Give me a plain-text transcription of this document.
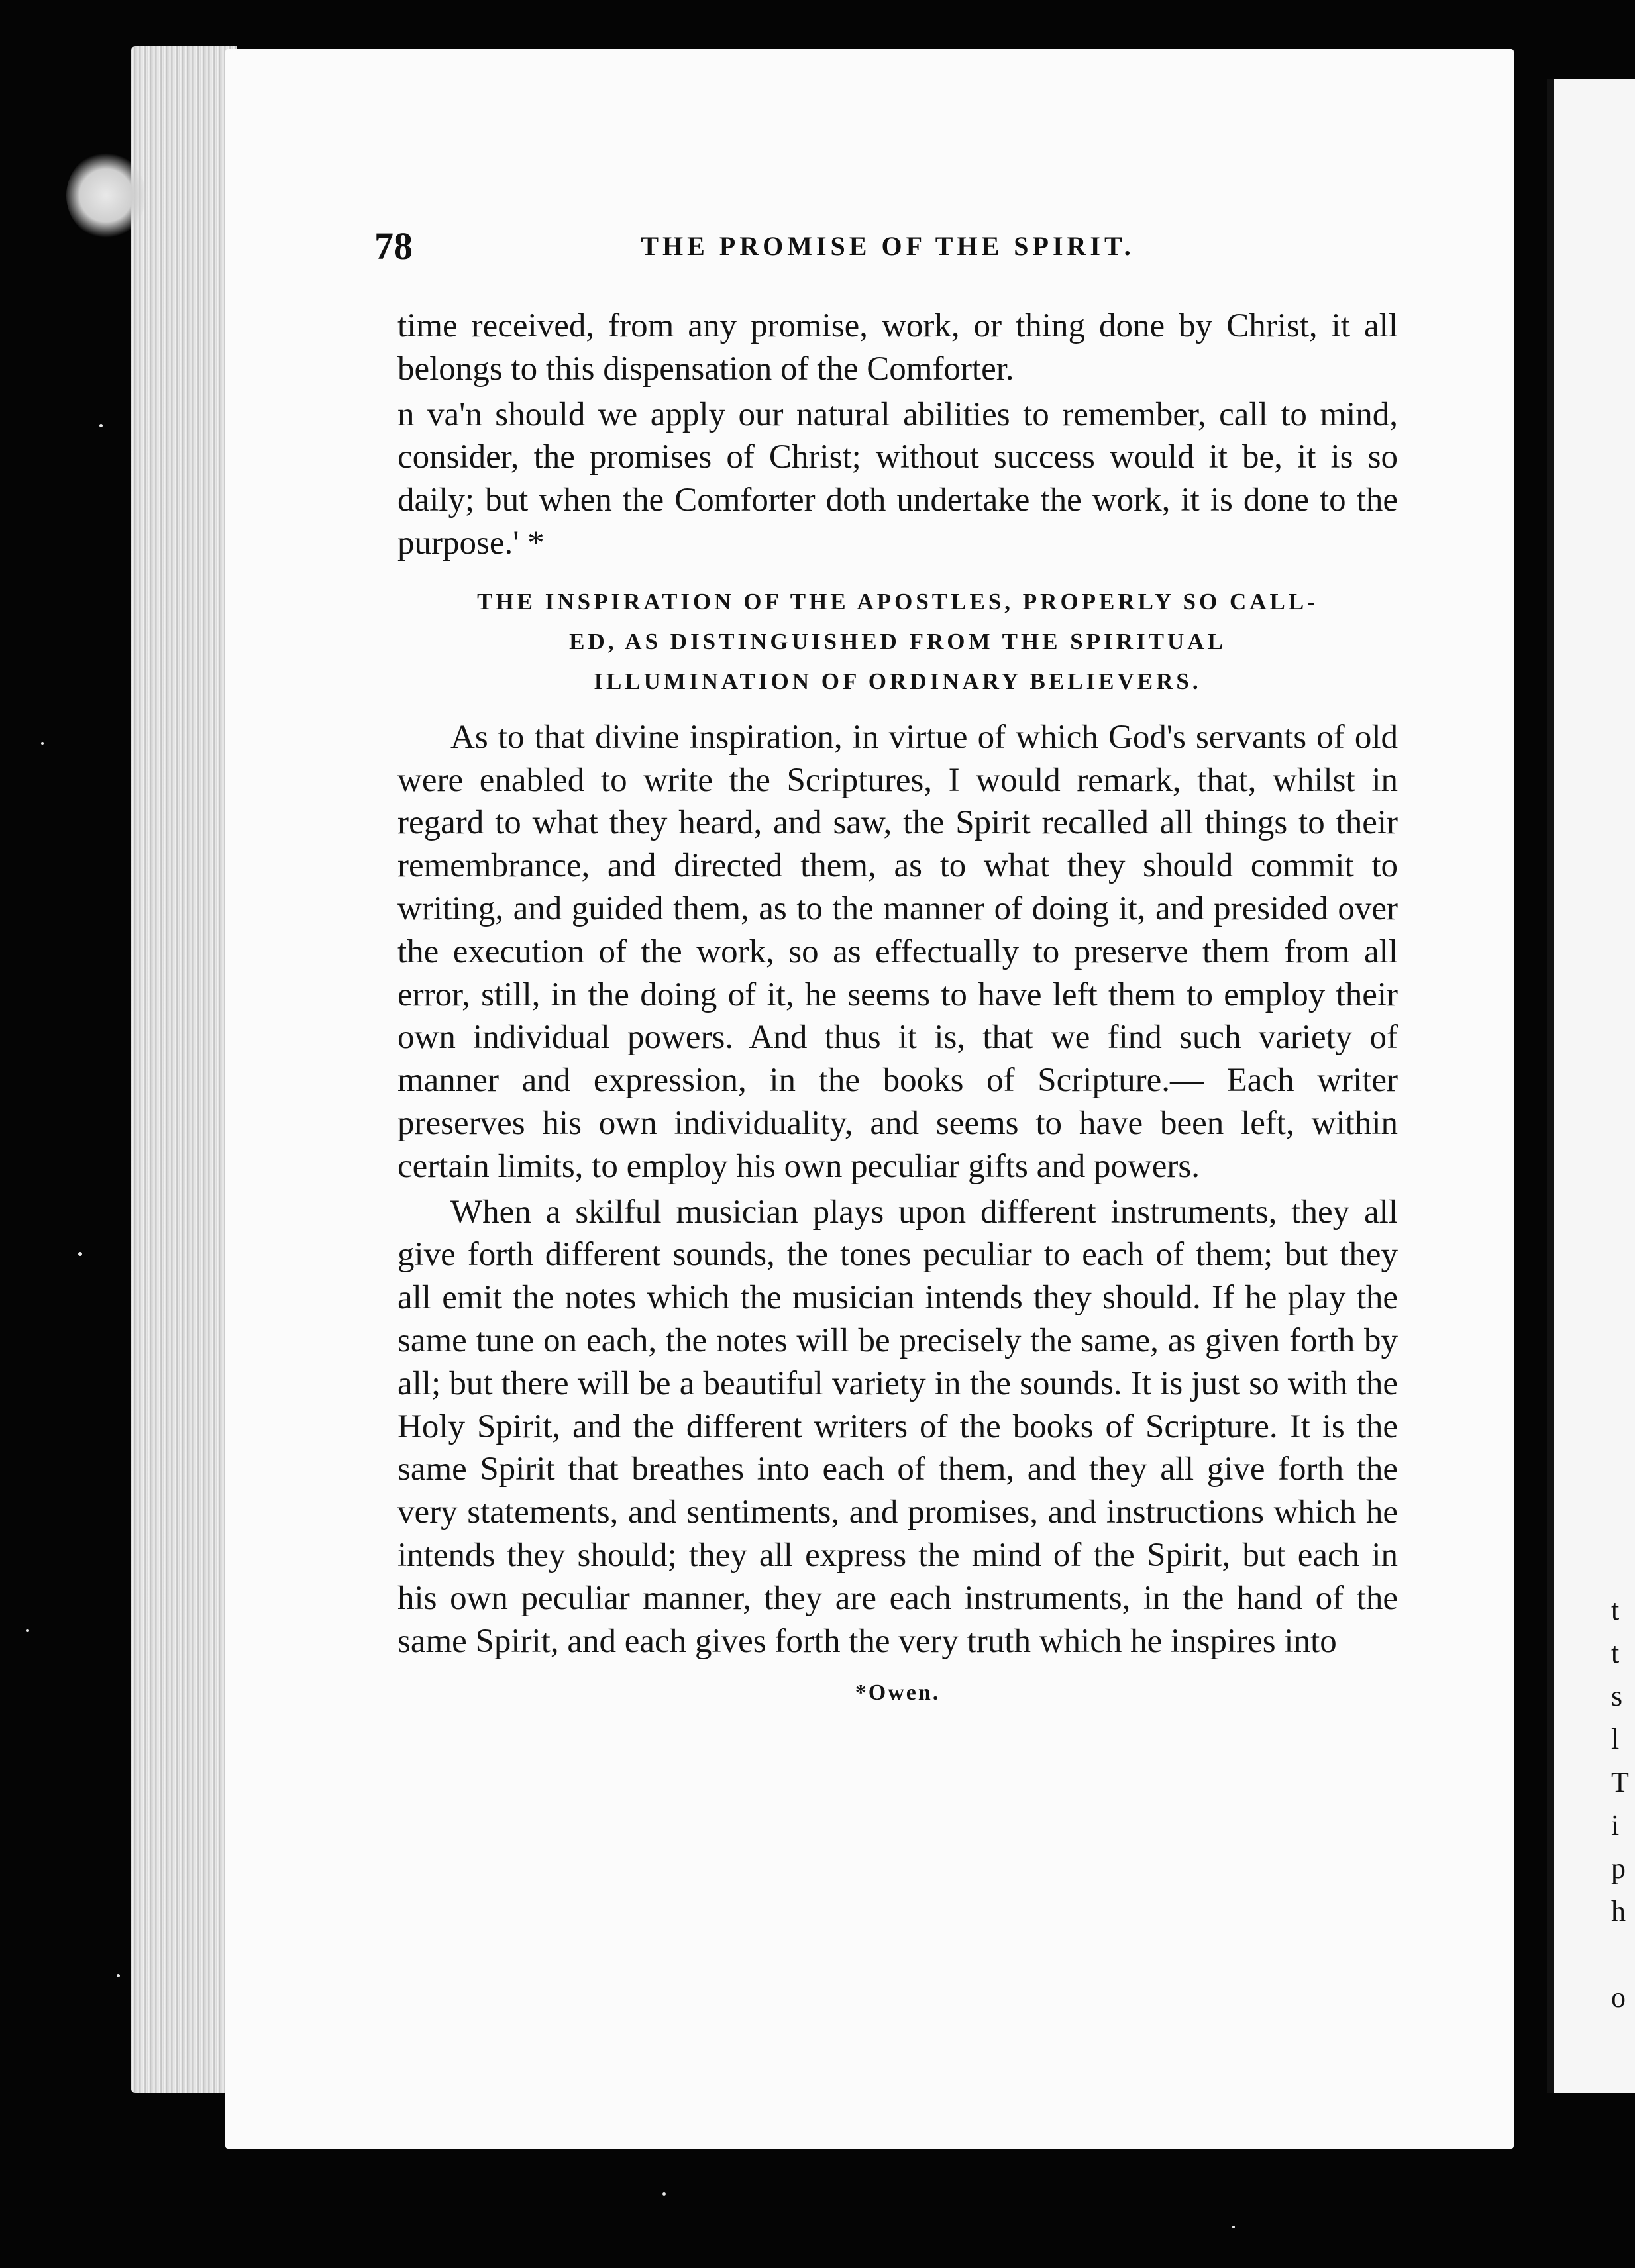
t
t
s
l
T
i
p
h
o
78	THE PROMISE OF THE SPIRIT.

time received, from any promise, work, or thing done by Christ, it all belongs to this dispensation of the Comforter.

n va'n should we apply our natural abilities to remember, call to mind, consider, the promises of Christ; without success would it be, it is so daily; but when the Comforter doth undertake the work, it is done to the purpose.' *

THE INSPIRATION OF THE APOSTLES, PROPERLY SO CALL-
ED, AS DISTINGUISHED FROM THE SPIRITUAL
ILLUMINATION OF ORDINARY BELIEVERS.

As to that divine inspiration, in virtue of which God's servants of old were enabled to write the Scriptures, I would remark, that, whilst in regard to what they heard, and saw, the Spirit recalled all things to their remembrance, and directed them, as to what they should commit to writing, and guided them, as to the manner of doing it, and presided over the execution of the work, so as effectually to preserve them from all error, still, in the doing of it, he seems to have left them to employ their own individual powers. And thus it is, that we find such variety of manner and expression, in the books of Scripture.— Each writer preserves his own individuality, and seems to have been left, within certain limits, to employ his own peculiar gifts and powers.

When a skilful musician plays upon different instruments, they all give forth different sounds, the tones peculiar to each of them; but they all emit the notes which the musician intends they should. If he play the same tune on each, the notes will be precisely the same, as given forth by all; but there will be a beautiful variety in the sounds. It is just so with the Holy Spirit, and the different writers of the books of Scripture. It is the same Spirit that breathes into each of them, and they all give forth the very statements, and sentiments, and promises, and instructions which he intends they should; they all express the mind of the Spirit, but each in his own peculiar manner, they are each instruments, in the hand of the same Spirit, and each gives forth the very truth which he inspires into

*Owen.
